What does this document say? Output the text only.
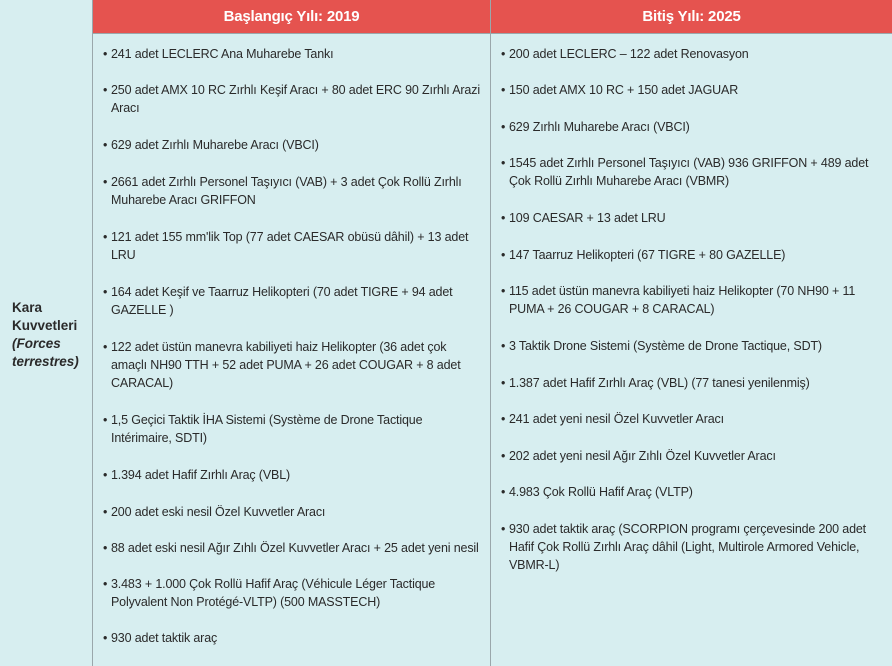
Başlangıç Yılı: 2019	Bitiş Yılı: 2025
Kara Kuvvetleri
(Forces terrestres)
• 241 adet LECLERC Ana Muharebe Tankı
• 250 adet AMX 10 RC Zırhlı Keşif Aracı + 80 adet ERC 90 Zırhlı Arazi Aracı
• 629 adet Zırhlı Muharebe Aracı (VBCI)
• 2661 adet Zırhlı Personel Taşıyıcı (VAB) + 3 adet Çok Rollü Zırhlı Muharebe Aracı GRIFFON
• 121 adet 155 mm'lik Top (77 adet CAESAR obüsü dâhil) + 13 adet LRU
• 164 adet Keşif ve Taarruz Helikopteri (70 adet TIGRE + 94 adet GAZELLE )
• 122 adet üstün manevra kabiliyeti haiz Helikopter (36 adet çok amaçlı NH90 TTH + 52 adet PUMA + 26 adet COUGAR + 8 adet CARACAL)
• 1,5 Geçici Taktik İHA Sistemi (Système de Drone Tactique Intérimaire, SDTI)
• 1.394 adet Hafif Zırhlı Araç (VBL)
• 200 adet eski nesil Özel Kuvvetler Aracı
• 88 adet eski nesil Ağır Zıhlı Özel Kuvvetler Aracı + 25 adet yeni nesil
• 3.483 + 1.000 Çok Rollü Hafif Araç (Véhicule Léger Tactique Polyvalent Non Protégé-VLTP) (500 MASSTECH)
• 930 adet taktik araç
• 200 adet LECLERC – 122 adet Renovasyon
• 150 adet AMX 10 RC + 150 adet JAGUAR
• 629 Zırhlı Muharebe Aracı (VBCI)
• 1545 adet Zırhlı Personel Taşıyıcı (VAB) 936 GRIFFON + 489 adet Çok Rollü Zırhlı Muharebe Aracı (VBMR)
• 109 CAESAR + 13 adet LRU
• 147 Taarruz Helikopteri (67 TIGRE + 80 GAZELLE)
• 115 adet üstün manevra kabiliyeti haiz Helikopter (70 NH90 + 11 PUMA + 26 COUGAR + 8 CARACAL)
• 3 Taktik Drone Sistemi (Système de Drone Tactique, SDT)
• 1.387 adet Hafif Zırhlı Araç (VBL) (77 tanesi yenilenmiş)
• 241 adet yeni nesil Özel Kuvvetler Aracı
• 202 adet yeni nesil Ağır Zıhlı Özel Kuvvetler Aracı
• 4.983 Çok Rollü Hafif Araç (VLTP)
• 930 adet taktik araç (SCORPION programı çerçevesinde 200 adet Hafif Çok Rollü Zırhlı Araç dâhil (Light, Multirole Armored Vehicle, VBMR-L)
